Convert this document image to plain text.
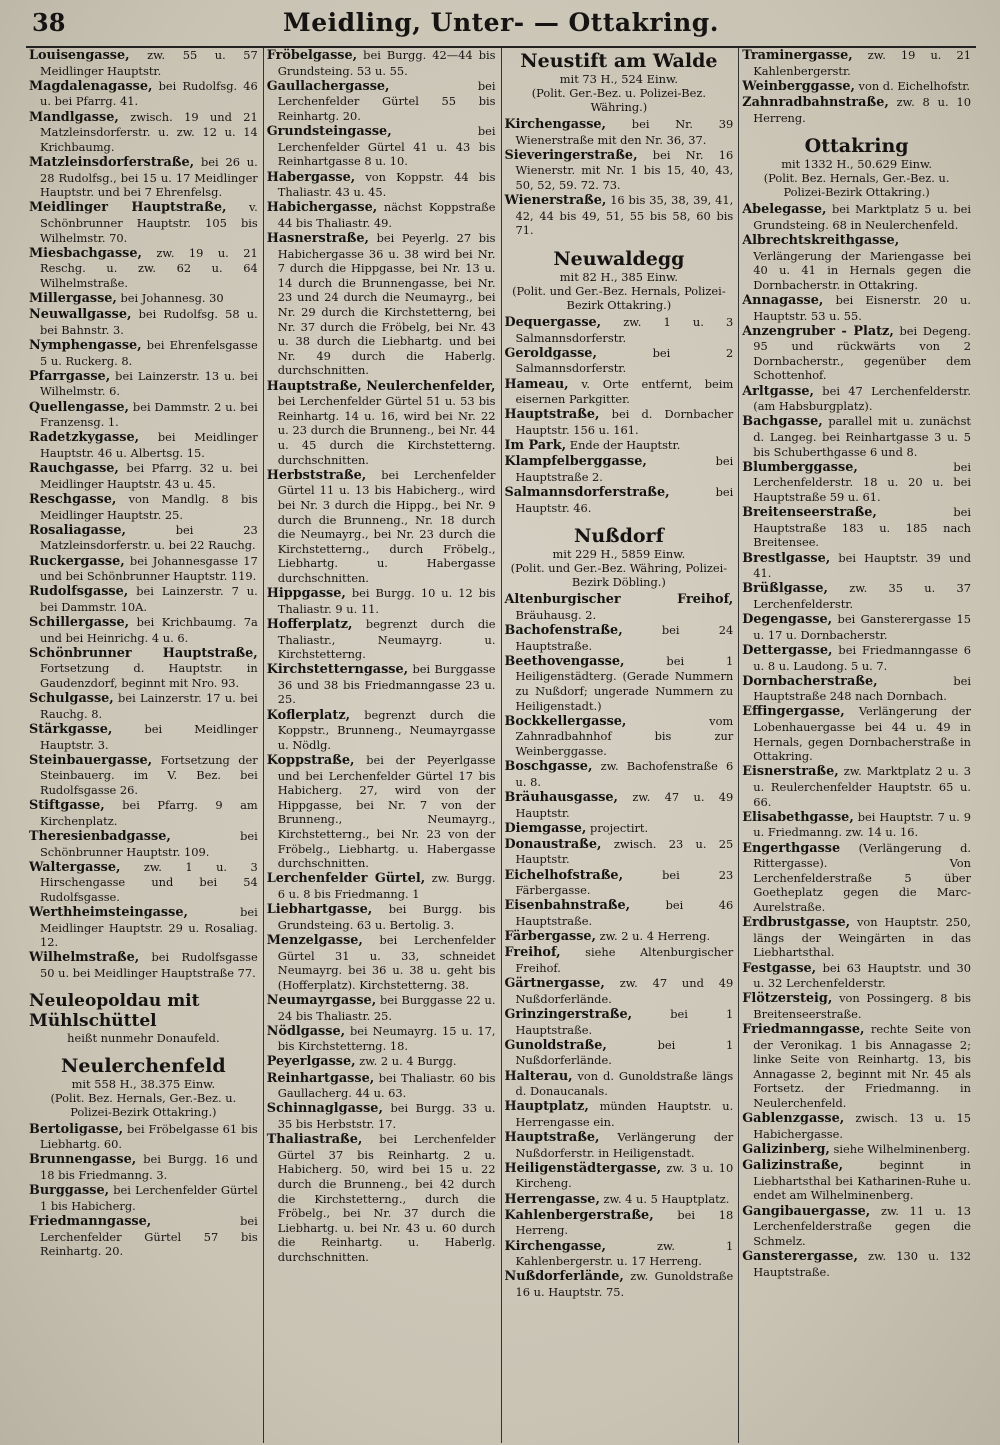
38	Meidling, Unter- — Ottakring.
Louisengasse, zw. 55 u. 57 Meidlinger Hauptstr.
Magdalenagasse, bei Rudolfsg. 46 u. bei Pfarrg. 41.
Mandlgasse, zwisch. 19 und 21 Matzleinsdorferstr. u. zw. 12 u. 14 Krichbaumg.
Matzleinsdorferstraße, bei 26 u. 28 Rudolfsg., bei 15 u. 17 Meidlinger Hauptstr. und bei 7 Ehrenfelsg.
Meidlinger Hauptstraße, v. Schönbrunner Hauptstr. 105 bis Wilhelmstr. 70.
Miesbachgasse, zw. 19 u. 21 Reschg. u. zw. 62 u. 64 Wilhelmstraße.
Millergasse, bei Johannesg. 30
Neuwallgasse, bei Rudolfsg. 58 u. bei Bahnstr. 3.
Nymphengasse, bei Ehrenfelsgasse 5 u. Ruckerg. 8.
Pfarrgasse, bei Lainzerstr. 13 u. bei Wilhelmstr. 6.
Quellengasse, bei Dammstr. 2 u. bei Franzensg. 1.
Radetzkygasse, bei Meidlinger Hauptstr. 46 u. Albertsg. 15.
Rauchgasse, bei Pfarrg. 32 u. bei Meidlinger Hauptstr. 43 u. 45.
Reschgasse, von Mandlg. 8 bis Meidlinger Hauptstr. 25.
Rosaliagasse,	bei 23 Matzleinsdorferstr. u. bei 22 Rauchg.
Ruckergasse, bei Johannesgasse 17 und bei Schönbrunner Hauptstr. 119.
Rudolfsgasse, bei Lainzerstr. 7 u. bei Dammstr. 10A.
Schillergasse, bei Krichbaumg. 7a und bei Heinrichg. 4 u. 6.
Schönbrunner Hauptstraße, Fortsetzung d. Hauptstr. in Gaudenzdorf, beginnt mit Nro. 93.
Schulgasse, bei Lainzerstr. 17 u. bei Rauchg. 8.
Stärkgasse,	bei Meidlinger Hauptstr. 3.
Steinbauergasse, Fortsetzung der Steinbauerg. im V. Bez. bei Rudolfsgasse 26.
Stiftgasse, bei Pfarrg. 9 am Kirchenplatz.
Theresienbadgasse,	bei Schönbrunner Hauptstr. 109.
Waltergasse, zw. 1 u. 3 Hirschengasse und bei 54 Rudolfsgasse.
Werthheimsteingasse,	bei Meidlinger Hauptstr. 29 u. Rosaliag. 12.
Wilhelmstraße, bei Rudolfsgasse 50 u. bei Meidlinger Hauptstraße 77.
Neuleopoldau mit Mühlschüttel
heißt nunmehr Donaufeld.
Neulerchenfeld
mit 558 H., 38.375 Einw.
(Polit. Bez. Hernals, Ger.-Bez. u. Polizei-Bezirk Ottakring.)
Bertoligasse, bei Fröbelgasse 61 bis Liebhartg. 60.
Brunnengasse, bei Burgg. 16 und 18 bis Friedmanng. 3.
Burggasse, bei Lerchenfelder Gürtel 1 bis Habicherg.
Friedmanngasse,	bei Lerchenfelder Gürtel 57 bis Reinhartg. 20.
Fröbelgasse, bei Burgg. 42—44 bis Grundsteing. 53 u. 55.
Gaullachergasse,	bei Lerchenfelder Gürtel 55 bis Reinhartg. 20.
Grundsteingasse,	bei Lerchenfelder Gürtel 41 u. 43 bis Reinhartgasse 8 u. 10.
Habergasse, von Koppstr. 44 bis Thaliastr. 43 u. 45.
Habichergasse, nächst Koppstraße 44 bis Thaliastr. 49.
Hasnerstraße, bei Peyerlg. 27 bis Habichergasse 36 u. 38 wird bei Nr. 7 durch die Hippgasse, bei Nr. 13 u. 14 durch die Brunnengasse, bei Nr. 23 und 24 durch die Neumayrg., bei Nr. 29 durch die Kirchstetterng, bei Nr. 37 durch die Fröbelg, bei Nr. 43 u. 38 durch die Liebhartg. und bei Nr. 49 durch die Haberlg. durchschnitten.
Hauptstraße, Neulerchenfelder, bei Lerchenfelder Gürtel 51 u. 53 bis Reinhartg. 14 u. 16, wird bei Nr. 22 u. 23 durch die Brunneng., bei Nr. 44 u. 45 durch die Kirchstetterng. durchschnitten.
Herbststraße, bei Lerchenfelder Gürtel 11 u. 13 bis Habicherg., wird bei Nr. 3 durch die Hippg., bei Nr. 9 durch die Brunneng., Nr. 18 durch die Neumayrg., bei Nr. 23 durch die Kirchstetterng., durch Fröbelg., Liebhartg. u. Habergasse durchschnitten.
Hippgasse, bei Burgg. 10 u. 12 bis Thaliastr. 9 u. 11.
Hofferplatz, begrenzt durch die Thaliastr., Neumayrg. u. Kirchstetterng.
Kirchstetterngasse, bei Burggasse 36 und 38 bis Friedmanngasse 23 u. 25.
Koflerplatz, begrenzt durch die Koppstr., Brunneng., Neumayrgasse u. Nödlg.
Koppstraße, bei der Peyerlgasse und bei Lerchenfelder Gürtel 17 bis Habicherg. 27, wird von der Hippgasse, bei Nr. 7 von der Brunneng., Neumayrg., Kirchstetterng., bei Nr. 23 von der Fröbelg., Liebhartg. u. Habergasse durchschnitten.
Lerchenfelder Gürtel, zw. Burgg. 6 u. 8 bis Friedmanng. 1
Liebhartgasse, bei Burgg. bis Grundsteing. 63 u. Bertolig. 3.
Menzelgasse, bei Lerchenfelder Gürtel 31 u. 33, schneidet Neumayrg. bei 36 u. 38 u. geht bis (Hofferplatz). Kirchstetterng. 38.
Neumayrgasse, bei Burggasse 22 u. 24 bis Thaliastr. 25.
Nödlgasse, bei Neumayrg. 15 u. 17, bis Kirchstetterng. 18.
Peyerlgasse, zw. 2 u. 4 Burgg.
Reinhartgasse, bei Thaliastr. 60 bis Gaullacherg. 44 u. 63.
Schinnaglgasse, bei Burgg. 33 u. 35 bis Herbststr. 17.
Thaliastraße, bei Lerchenfelder Gürtel 37 bis Reinhartg. 2 u. Habicherg. 50, wird bei 15 u. 22 durch die Brunneng., bei 42 durch die Kirchstetterng., durch die Fröbelg., bei Nr. 37 durch die Liebhartg. u. bei Nr. 43 u. 60 durch die Reinhartg. u. Haberlg. durchschnitten.
Neustift am Walde
mit 73 H., 524 Einw.
(Polit. Ger.-Bez. u. Polizei-Bez. Währing.)
Kirchengasse, bei Nr. 39 Wienerstraße mit den Nr. 36, 37.
Sieveringerstraße, bei Nr. 16 Wienerstr. mit Nr. 1 bis 15, 40, 43, 50, 52, 59. 72. 73.
Wienerstraße, 16 bis 35, 38, 39, 41, 42, 44 bis 49, 51, 55 bis 58, 60 bis 71.
Neuwaldegg
mit 82 H., 385 Einw.
(Polit. und Ger.-Bez. Hernals, Polizei-Bezirk Ottakring.)
Dequergasse, zw. 1 u. 3 Salmannsdorferstr.
Geroldgasse,	bei 2 Salmannsdorferstr.
Hameau, v. Orte entfernt, beim eisernen Parkgitter.
Hauptstraße, bei d. Dornbacher Hauptstr. 156 u. 161.
Im Park, Ende der Hauptstr.
Klampfelberggasse,	bei Hauptstraße 2.
Salmannsdorferstraße,	bei Hauptstr. 46.
Nußdorf
mit 229 H., 5859 Einw.
(Polit. und Ger.-Bez. Währing, Polizei-Bezirk Döbling.)
Altenburgischer Freihof, Bräuhausg. 2.
Bachofenstraße,	bei 24 Hauptstraße.
Beethovengasse,	bei 1 Heiligenstädterg. (Gerade Nummern zu Nußdorf; ungerade Nummern zu Heiligenstadt.)
Bockkellergasse,	vom Zahnradbahnhof bis zur Weinberggasse.
Boschgasse, zw. Bachofenstraße 6 u. 8.
Bräuhausgasse, zw. 47 u. 49 Hauptstr.
Diemgasse, projectirt.
Donaustraße, zwisch. 23 u. 25 Hauptstr.
Eichelhofstraße,	bei 23 Färbergasse.
Eisenbahnstraße,	bei 46 Hauptstraße.
Färbergasse, zw. 2 u. 4 Herreng.
Freihof, siehe Altenburgischer Freihof.
Gärtnergasse, zw. 47 und 49 Nußdorferlände.
Grinzingerstraße,	bei 1 Hauptstraße.
Gunoldstraße,	bei 1 Nußdorferlände.
Halterau, von d. Gunoldstraße längs d. Donaucanals.
Hauptplatz, münden Hauptstr. u. Herrengasse ein.
Hauptstraße, Verlängerung der Nußdorferstr. in Heiligenstadt.
Heiligenstädtergasse, zw. 3 u. 10 Kircheng.
Herrengasse, zw. 4 u. 5 Hauptplatz.
Kahlenbergerstraße, bei 18 Herreng.
Kirchengasse,	zw. 1 Kahlenbergerstr. u. 17 Herreng.
Nußdorferlände, zw. Gunoldstraße 16 u. Hauptstr. 75.
Traminergasse, zw. 19 u. 21 Kahlenbergerstr.
Weinberggasse, von d. Eichelhofstr.
Zahnradbahnstraße, zw. 8 u. 10 Herreng.
Ottakring
mit 1332 H., 50.629 Einw.
(Polit. Bez. Hernals, Ger.-Bez. u. Polizei-Bezirk Ottakring.)
Abelegasse, bei Marktplatz 5 u. bei Grundsteing. 68 in Neulerchenfeld.
Albrechtskreithgasse, Verlängerung der Mariengasse bei 40 u. 41 in Hernals gegen die Dornbacherstr. in Ottakring.
Annagasse, bei Eisnerstr. 20 u. Hauptstr. 53 u. 55.
Anzengruber - Platz, bei Degeng. 95 und rückwärts von 2 Dornbacherstr., gegenüber dem Schottenhof.
Arltgasse, bei 47 Lerchenfelderstr. (am Habsburgplatz).
Bachgasse, parallel mit u. zunächst d. Langeg. bei Reinhartgasse 3 u. 5 bis Schuberthgasse 6 und 8.
Blumberggasse,	bei Lerchenfelderstr. 18 u. 20 u. bei Hauptstraße 59 u. 61.
Breitenseerstraße,	bei Hauptstraße 183 u. 185 nach Breitensee.
Brestlgasse, bei Hauptstr. 39 und 41.
Brüßlgasse, zw. 35 u. 37 Lerchenfelderstr.
Degengasse, bei Gansterergasse 15 u. 17 u. Dornbacherstr.
Dettergasse, bei Friedmanngasse 6 u. 8 u. Laudong. 5 u. 7.
Dornbacherstraße,	bei Hauptstraße 248 nach Dornbach.
Effingergasse, Verlängerung der Lobenhauergasse bei 44 u. 49 in Hernals, gegen Dornbacherstraße in Ottakring.
Eisnerstraße, zw. Marktplatz 2 u. 3 u. Reulerchenfelder Hauptstr. 65 u. 66.
Elisabethgasse, bei Hauptstr. 7 u. 9 u. Friedmanng. zw. 14 u. 16.
Engerthgasse (Verlängerung d. Rittergasse). Von Lerchenfelderstraße 5 über Goetheplatz gegen die Marc-Aurelstraße.
Erdbrustgasse, von Hauptstr. 250, längs der Weingärten in das Liebhartsthal.
Festgasse, bei 63 Hauptstr. und 30 u. 32 Lerchenfelderstr.
Flötzersteig, von Possingerg. 8 bis Breitenseerstraße.
Friedmanngasse, rechte Seite von der Veronikag. 1 bis Annagasse 2; linke Seite von Reinhartg. 13, bis Annagasse 2, beginnt mit Nr. 45 als Fortsetz. der Friedmanng. in Neulerchenfeld.
Gablenzgasse, zwisch. 13 u. 15 Habichergasse.
Galizinberg, siehe Wilhelminenberg.
Galizinstraße,	beginnt in Liebhartsthal bei Katharinen-Ruhe u. endet am Wilhelminenberg.
Gangibauergasse, zw. 11 u. 13 Lerchenfelderstraße gegen die Schmelz.
Gansterergasse, zw. 130 u. 132 Hauptstraße.
